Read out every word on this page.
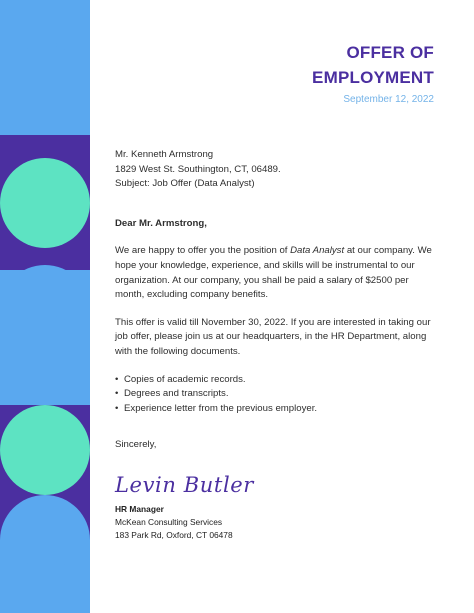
OFFER OF
EMPLOYMENT
September 12, 2022

Mr. Kenneth Armstrong

1829 West St. Southington, CT, 06489.

Subject: Job Offer (Data Analyst)

Dear Mr. Armstrong,

We are happy to offer you the position of Data Analyst at our company. We hope your knowledge, experience, and skills will be instrumental to our organization. At our company, you shall be paid a salary of $2500 per month, excluding company benefits.

This offer is valid till November 30, 2022. If you are interested in taking our job offer, please join us at our headquarters, in the HR Department, along with the following documents.

• Copies of academic records.
• Degrees and transcripts.
• Experience letter from the previous employer.

Sincerely,

Levin Butler

HR Manager

McKean Consulting Services

183 Park Rd, Oxford, CT 06478
